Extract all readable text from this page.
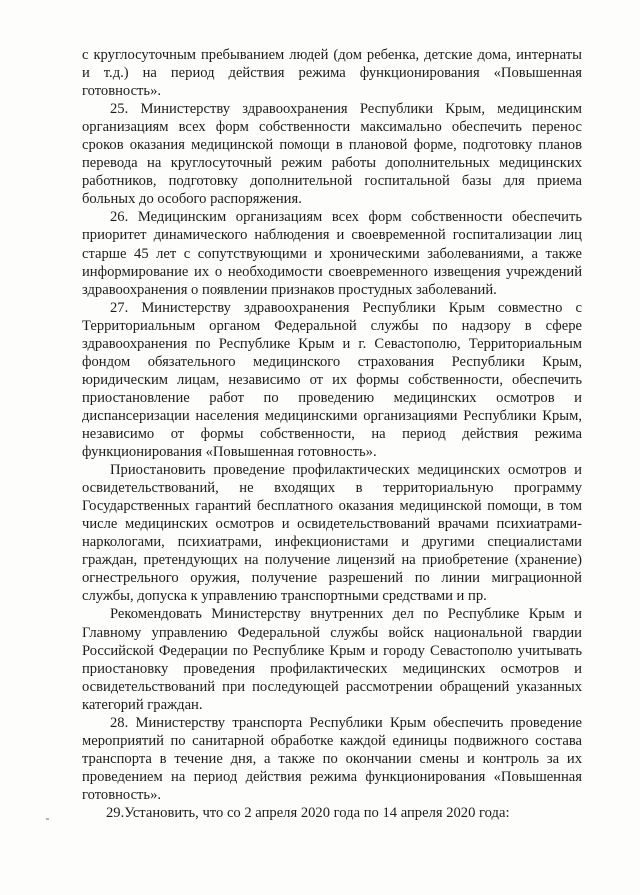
с круглосуточным пребыванием людей (дом ребенка, детские дома, интернаты и т.д.) на период действия режима функционирования «Повышенная готовность».

25. Министерству здравоохранения Республики Крым, медицинским организациям всех форм собственности максимально обеспечить перенос сроков оказания медицинской помощи в плановой форме, подготовку планов перевода на круглосуточный режим работы дополнительных медицинских работников, подготовку дополнительной госпитальной базы для приема больных до особого распоряжения.

26. Медицинским организациям всех форм собственности обеспечить приоритет динамического наблюдения и своевременной госпитализации лиц старше 45 лет с сопутствующими и хроническими заболеваниями, а также информирование их о необходимости своевременного извещения учреждений здравоохранения о появлении признаков простудных заболеваний.

27. Министерству здравоохранения Республики Крым совместно с Территориальным органом Федеральной службы по надзору в сфере здравоохранения по Республике Крым и г. Севастополю, Территориальным фондом обязательного медицинского страхования Республики Крым, юридическим лицам, независимо от их формы собственности, обеспечить приостановление работ по проведению медицинских осмотров и диспансеризации населения медицинскими организациями Республики Крым, независимо от формы собственности, на период действия режима функционирования «Повышенная готовность».

Приостановить проведение профилактических медицинских осмотров и освидетельствований, не входящих в территориальную программу Государственных гарантий бесплатного оказания медицинской помощи, в том числе медицинских осмотров и освидетельствований врачами психиатрами-наркологами, психиатрами, инфекционистами и другими специалистами граждан, претендующих на получение лицензий на приобретение (хранение) огнестрельного оружия, получение разрешений по линии миграционной службы, допуска к управлению транспортными средствами и пр.

Рекомендовать Министерству внутренних дел по Республике Крым и Главному управлению Федеральной службы войск национальной гвардии Российской Федерации по Республике Крым и городу Севастополю учитывать приостановку проведения профилактических медицинских осмотров и освидетельствований при последующей рассмотрении обращений указанных категорий граждан.

28. Министерству транспорта Республики Крым обеспечить проведение мероприятий по санитарной обработке каждой единицы подвижного состава транспорта в течение дня, а также по окончании смены и контроль за их проведением на период действия режима функционирования «Повышенная готовность».

29.Установить, что со 2 апреля 2020 года по 14 апреля 2020 года:
